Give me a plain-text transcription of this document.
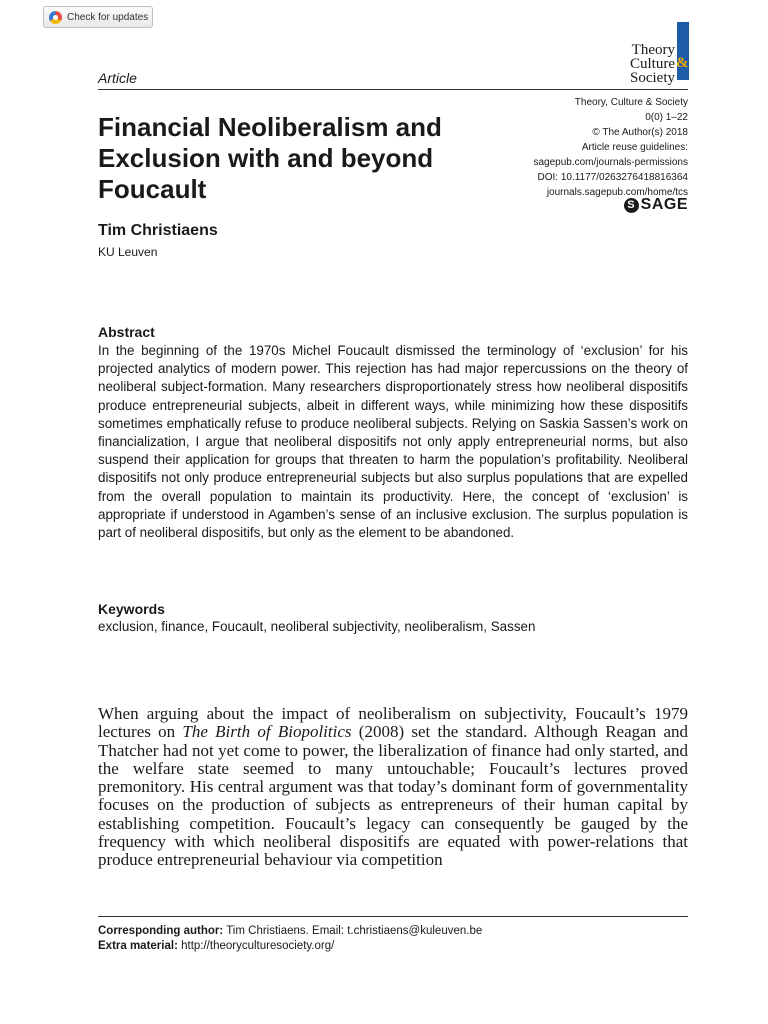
Check for updates
Article
Theory
Culture &
Society
Theory, Culture & Society
0(0) 1–22
© The Author(s) 2018
Article reuse guidelines:
sagepub.com/journals-permissions
DOI: 10.1177/0263276418816364
journals.sagepub.com/home/tcs
S SAGE
Financial Neoliberalism and Exclusion with and beyond Foucault
Tim Christiaens
KU Leuven
Abstract

In the beginning of the 1970s Michel Foucault dismissed the terminology of ‘exclusion’ for his projected analytics of modern power. This rejection has had major repercussions on the theory of neoliberal subject-formation. Many researchers disproportionately stress how neoliberal dispositifs produce entrepreneurial subjects, albeit in different ways, while minimizing how these dispositifs sometimes emphatically refuse to produce neoliberal subjects. Relying on Saskia Sassen’s work on financialization, I argue that neoliberal dispositifs not only apply entrepreneurial norms, but also suspend their application for groups that threaten to harm the population’s profitability. Neoliberal dispositifs not only produce entrepreneurial subjects but also surplus populations that are expelled from the overall population to maintain its productivity. Here, the concept of ‘exclusion’ is appropriate if understood in Agamben’s sense of an inclusive exclusion. The surplus population is part of neoliberal dispositifs, but only as the element to be abandoned.

Keywords
exclusion, finance, Foucault, neoliberal subjectivity, neoliberalism, Sassen

When arguing about the impact of neoliberalism on subjectivity, Foucault’s 1979 lectures on The Birth of Biopolitics (2008) set the standard. Although Reagan and Thatcher had not yet come to power, the liberalization of finance had only started, and the welfare state seemed to many untouchable; Foucault’s lectures proved premonitory. His central argument was that today’s dominant form of governmentality focuses on the production of subjects as entrepreneurs of their human capital by establishing competition. Foucault’s legacy can consequently be gauged by the frequency with which neoliberal dispositifs are equated with power-relations that produce entrepreneurial behaviour via competition

Corresponding author: Tim Christiaens. Email: t.christiaens@kuleuven.be
Extra material: http://theoryculturesociety.org/
